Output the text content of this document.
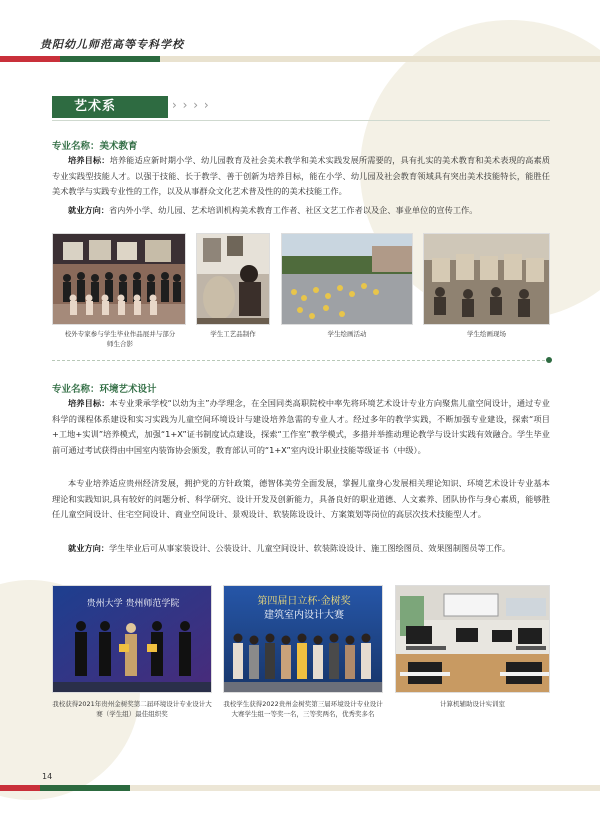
贵阳幼儿师范高等专科学校
艺术系	› › › ›
专业名称：美术教育
培养目标：培养能适应新时期小学、幼儿园教育及社会美术教学和美术实践发展所需要的，具有扎实的美术教育和美术表现的高素质专业实践型技能人才。以强于技能、长于教学、善于创新为培养目标，能在小学、幼儿园及社会教育领域具有突出美术技能特长，能胜任美术教学与实践专业性的工作，以及从事群众文化艺术普及性的的美术技能工作。
就业方向：省内外小学、幼儿园、艺术培训机构美术教育工作者、社区文艺工作者以及企、事业单位的宣传工作。
校外专家参与学生毕业作品展并与部分师生合影
学生工艺品制作	学生绘画活动	学生绘画现场
专业名称：环境艺术设计
培养目标：本专业秉承学校“以幼为主”办学理念，在全国同类高职院校中率先将环境艺术设计专业方向聚焦儿童空间设计，通过专业科学的课程体系建设和实习实践为儿童空间环境设计与建设培养急需的专业人才。经过多年的教学实践，不断加强专业建设，探索“项目+工地+实训”培养模式，加强“1+X”证书制度试点建设，探索“工作室”教学模式，多措并举推动理论教学与设计实践有效融合。学生毕业前可通过考试获得由中国室内装饰协会颁发，教育部认可的“1+X”室内设计职业技能等级证书（中级）。
本专业培养适应贵州经济发展，拥护党的方针政策，德智体美劳全面发展，掌握儿童身心发展相关理论知识、环境艺术设计专业基本理论和实践知识,具有较好的问题分析、科学研究、设计开发及创新能力，具备良好的职业道德、人文素养、团队协作与身心素质，能够胜任儿童空间设计、住宅空间设计、商业空间设计、景观设计、软装陈设设计、方案策划等岗位的高层次技术技能型人才。
就业方向：学生毕业后可从事家装设计、公装设计、儿童空间设计、软装陈设设计、施工图绘图员、效果图制图员等工作。
贵州大学 贵州师范学院	第四届日立杯·金树奖
建筑室内设计大赛
我校获得2021年贵州金树奖第二届环境设计专业设计大赛（学生组）最佳组织奖
我校学生获得2022贵州金树奖第三届环境设计专业设计大赛学生组一等奖一名，三等奖两名，优秀奖多名
计算机辅助设计实训室
14
